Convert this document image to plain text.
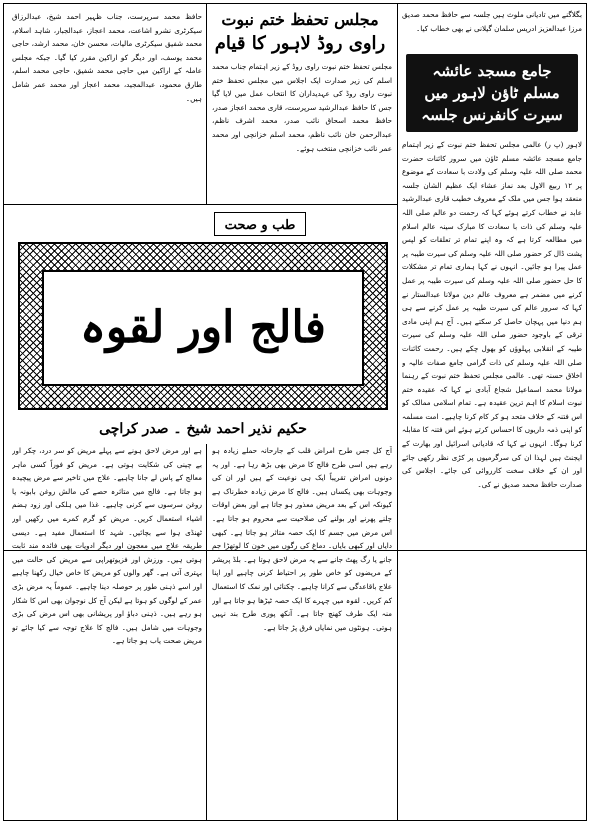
بگلاگنے میں تادیانی ملوث ہیں جلسہ سے حافظ محمد صدیق مرزا عبدالعزیز ادریس سلمان گیلانی نے بھی خطاب کیا۔
جامع مسجد عائشہ مسلم ٹاؤن لاہور میں سیرت کانفرنس جلسہ
لاہور (پ ر) عالمی مجلس تحفظ ختم نبوت کے زیر اہتمام جامع مسجد عائشہ مسلم ٹاؤن میں سرور کائنات حضرت محمد صلی اللہ علیہ وسلم کی ولادت با سعادت کے موضوع پر ۱۲ ربیع الاول بعد نماز عشاء ایک عظیم الشان جلسہ منعقد ہوا جس میں ملک کے معروف خطیب قاری عبدالرشید عابد نے خطاب کرتے ہوئے کہا کہ رحمت دو عالم صلی اللہ علیہ وسلم کی ذات با سعادت کا مبارک سینہ عالم اسلام میں مطالعہ کرتا ہے کہ وہ اپنے تمام تر تعلقات کو لپس پشت ڈال کر حضور صلی اللہ علیہ وسلم کی سیرت طیبہ پر عمل پیرا ہو جائیں۔ انہوں نے کہا ہماری تمام تر مشکلات کا حل حضور صلی اللہ علیہ وسلم کی سیرت طیبہ پر عمل کرنے میں مضمر ہے معروف عالم دین مولانا عبدالستار نے کہا کہ سرور عالم کی سیرت طیبہ پر عمل کرنے سے ہی ہم دنیا میں پہچان حاصل کر سکتے ہیں۔ آج ہم اپنی مادی ترقی کے باوجود حضور صلی اللہ علیہ وسلم کی سیرت طیبہ کے انقلابی پہلوؤں کو بھول چکے ہیں۔ رحمت کائنات صلی اللہ علیہ وسلم کی ذات گرامی جامع صفات عالیہ و اخلاق حسنہ تھی۔ عالمی مجلس تحفظ ختم نبوت کے رہنما مولانا محمد اسماعیل شجاع آبادی نے کہا کہ عقیدہ ختم نبوت اسلام کا اہم ترین عقیدہ ہے۔ تمام اسلامی ممالک کو اس فتنہ کے خلاف متحد ہو کر کام کرنا چاہیے۔ امت مسلمہ کو اپنی ذمہ داریوں کا احساس کرتے ہوئے اس فتنہ کا مقابلہ کرنا ہوگا۔ انہوں نے کہا کہ قادیانی اسرائیل اور بھارت کے ایجنٹ ہیں لہذا ان کی سرگرمیوں پر کڑی نظر رکھی جائے اور ان کے خلاف سخت کارروائی کی جائے۔ اجلاس کی صدارت حافظ محمد صدیق نے کی۔
مجلس تحفظ ختم نبوت
راوی روڈ لاہور کا قیام
مجلس تحفظ ختم نبوت راوی روڈ کے زیر اہتمام جناب محمد اسلم کی زیر صدارت ایک اجلاس میں مجلس تحفظ ختم نبوت راوی روڈ کی عہدیداران کا انتخاب عمل میں لایا گیا جس کا حافظ عبدالرشید سرپرست، قاری محمد اعجاز صدر، حافظ محمد اسحاق نائب صدر، محمد اشرف ناظم، عبدالرحمن خان نائب ناظم، محمد اسلم خزانچی اور محمد عمر نائب خزانچی منتخب ہوئے۔
حافظ محمد سرپرست، جناب ظہیر احمد شیخ، عبدالرزاق سیکرٹری نشرو اشاعت، محمد اعجاز، عبدالجبار، شاہد اسلام، محمد شفیق سیکرٹری مالیات، محسن خان، محمد ارشد، حاجی محمد یوسف، اور دیگر کو اراکین مقرر کیا گیا۔ جبکہ مجلس عاملہ کے اراکین میں حاجی محمد شفیق، حاجی محمد اسلم، طارق محمود، عبدالمجید، محمد اعجاز اور محمد عمر شامل ہیں۔
طب و صحت
فالج اور لقوہ
حکیم نذیر احمد شیخ ۔ صدر کراچی
ہے اور مرض لاحق ہونے سے پہلے مریض کو سر درد، چکر اور بے چینی کی شکایت ہوتی ہے۔ مریض کو فوراً کسی ماہر معالج کے پاس لے جانا چاہیے۔ علاج میں تاخیر سے مرض پیچیدہ ہو جاتا ہے۔ فالج میں متاثرہ حصے کی مالش روغن بابونہ یا روغن سرسوں سے کرنی چاہیے۔ غذا میں ہلکی اور زود ہضم اشیاء استعمال کریں۔ مریض کو گرم کمرے میں رکھیں اور ٹھنڈی ہوا سے بچائیں۔ شہد کا استعمال مفید ہے۔ دیسی طریقہ علاج میں معجون اور دیگر ادویات بھی فائدہ مند ثابت ہوتی ہیں۔ ورزش اور فزیوتھراپی سے مریض کی حالت میں بہتری آتی ہے۔ گھر والوں کو مریض کا خاص خیال رکھنا چاہیے اور اسے ذہنی طور پر حوصلہ دینا چاہیے۔ عموماً یہ مرض بڑی عمر کے لوگوں کو ہوتا ہے لیکن آج کل نوجوان بھی اس کا شکار ہو رہے ہیں۔ ذہنی دباؤ اور پریشانی بھی اس مرض کی بڑی وجوہات میں شامل ہیں۔ فالج کا علاج توجہ سے کیا جائے تو مریض صحت یاب ہو جاتا ہے۔
آج کل جس طرح امراض قلب کے جارحانہ حملے زیادہ ہو رہے ہیں اسی طرح فالج کا مرض بھی بڑھ رہا ہے۔ اور یہ دونوں امراض تقریباً ایک ہی نوعیت کے ہیں اور ان کی وجوہات بھی یکساں ہیں۔ فالج کا مرض زیادہ خطرناک ہے کیونکہ اس کے بعد مریض معذور ہو جاتا ہے اور بعض اوقات چلنے پھرنے اور بولنے کی صلاحیت سے محروم ہو جاتا ہے۔ اس مرض میں جسم کا ایک حصہ متاثر ہو جاتا ہے۔ کبھی دایاں اور کبھی بایاں۔ دماغ کی رگوں میں خون کا لوتھڑا جم جانے یا رگ پھٹ جانے سے یہ مرض لاحق ہوتا ہے۔ بلڈ پریشر کے مریضوں کو خاص طور پر احتیاط کرنی چاہیے اور اپنا علاج باقاعدگی سے کرانا چاہیے۔ چکنائی اور نمک کا استعمال کم کریں۔ لقوہ میں چہرے کا ایک حصہ ٹیڑھا ہو جاتا ہے اور منہ ایک طرف کھنچ جاتا ہے۔ آنکھ پوری طرح بند نہیں ہوتی۔ ہونٹوں میں نمایاں فرق پڑ جاتا ہے۔
